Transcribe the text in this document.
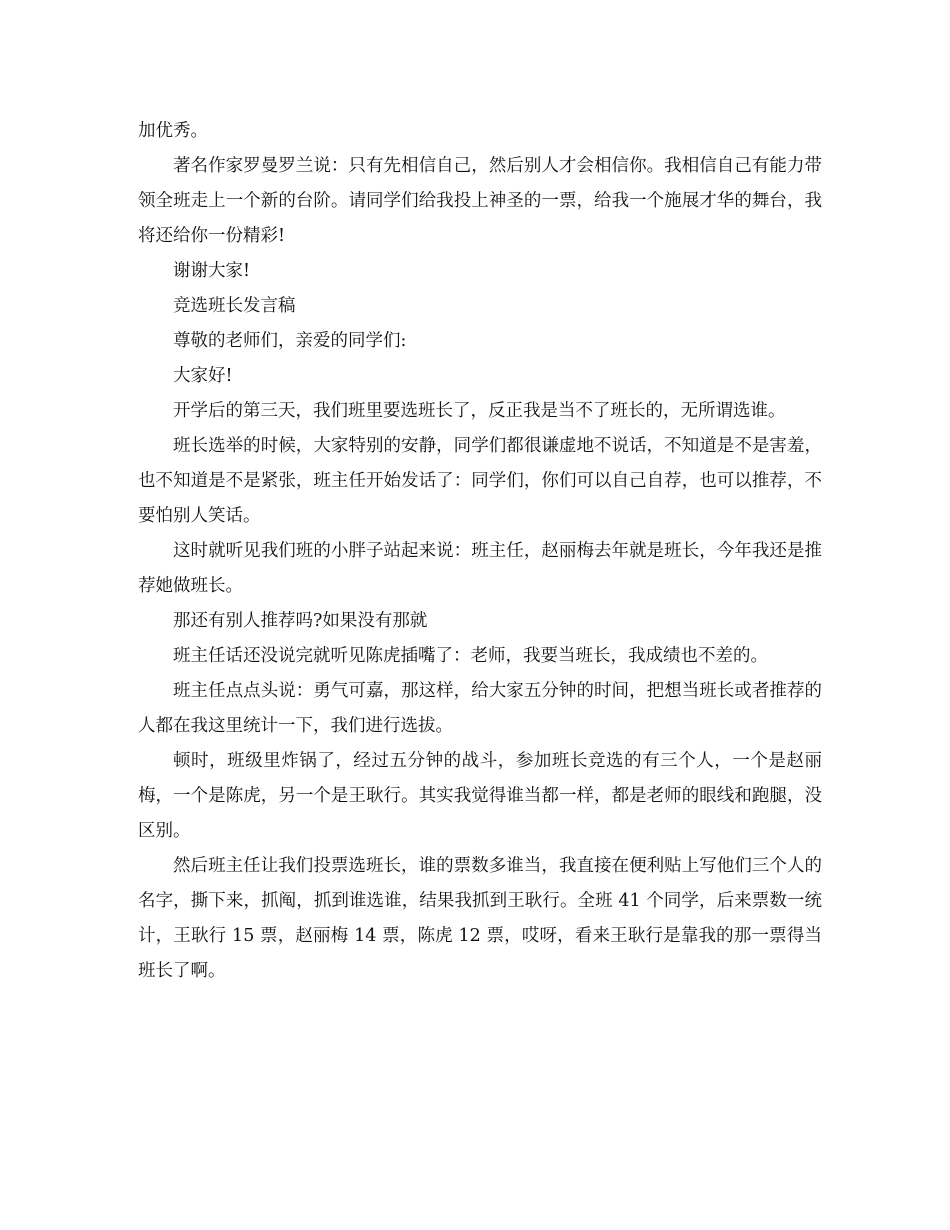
加优秀。

著名作家罗曼罗兰说：只有先相信自己，然后别人才会相信你。我相信自己有能力带领全班走上一个新的台阶。请同学们给我投上神圣的一票，给我一个施展才华的舞台，我将还给你一份精彩!

谢谢大家!

竞选班长发言稿

尊敬的老师们，亲爱的同学们:

大家好!

开学后的第三天，我们班里要选班长了，反正我是当不了班长的，无所谓选谁。

班长选举的时候，大家特别的安静，同学们都很谦虚地不说话，不知道是不是害羞，也不知道是不是紧张，班主任开始发话了：同学们，你们可以自己自荐，也可以推荐，不要怕别人笑话。

这时就听见我们班的小胖子站起来说：班主任，赵丽梅去年就是班长，今年我还是推荐她做班长。

那还有别人推荐吗?如果没有那就

班主任话还没说完就听见陈虎插嘴了：老师，我要当班长，我成绩也不差的。

班主任点点头说：勇气可嘉，那这样，给大家五分钟的时间，把想当班长或者推荐的人都在我这里统计一下，我们进行选拔。

顿时，班级里炸锅了，经过五分钟的战斗，参加班长竞选的有三个人，一个是赵丽梅，一个是陈虎，另一个是王耿行。其实我觉得谁当都一样，都是老师的眼线和跑腿，没区别。

然后班主任让我们投票选班长，谁的票数多谁当，我直接在便利贴上写他们三个人的名字，撕下来，抓阄，抓到谁选谁，结果我抓到王耿行。全班 41 个同学，后来票数一统计，王耿行 15 票，赵丽梅 14 票，陈虎 12 票，哎呀，看来王耿行是靠我的那一票得当班长了啊。
